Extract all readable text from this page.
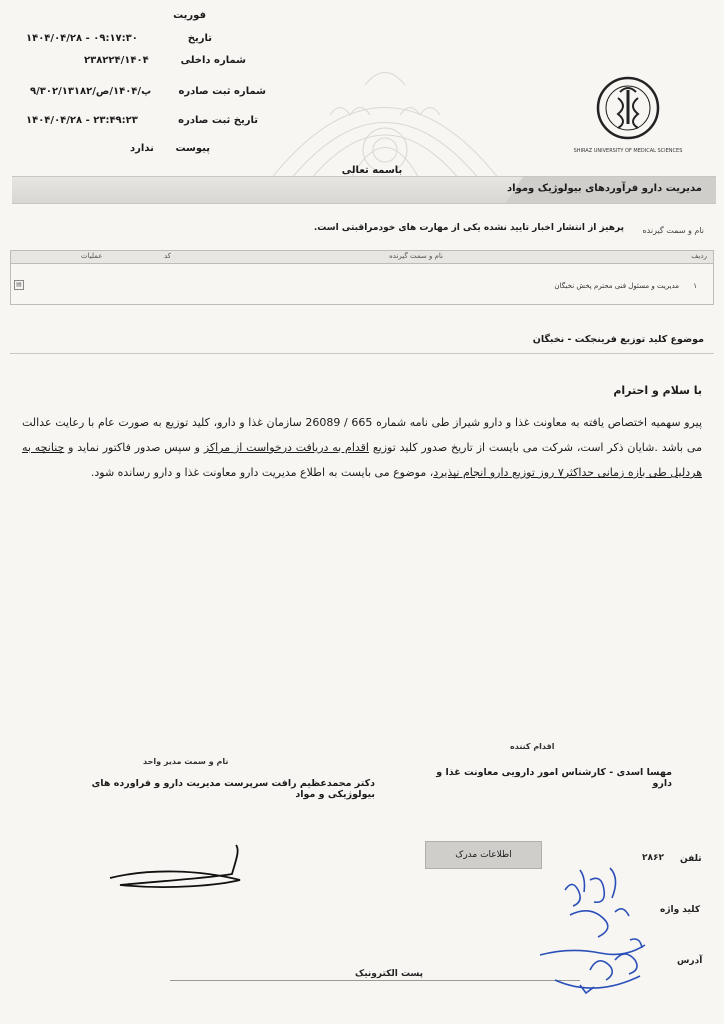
فوریت
تاریخ
۱۴۰۴/۰۴/۲۸ - ۰۹:۱۷:۳۰
شماره داخلی
۲۳۸۲۲۴/۱۴۰۴
شماره ثبت صادره
۹/۳۰۲/۱۳۱۸۲/پ/۱۴۰۴/ص
تاریخ ثبت صادره
۱۴۰۴/۰۴/۲۸ - ۲۳:۴۹:۲۳
پیوست
ندارد	SHIRAZ UNIVERSITY OF MEDICAL SCIENCES
باسمه تعالی
مدیریت دارو فرآوردهای بیولوژیک ومواد
نام و سمت گیرنده
پرهیز از انتشار اخبار تایید نشده یکی از مهارت های خودمراقبتی است.
ردیف
نام و سمت گیرنده
کد
عملیات
۱
مدیریت و مسئول فنی محترم پخش نخبگان
▤
موضوع کلید توزیع فرینجکت - نخبگان
با سلام و احترام
پیرو سهمیه اختصاص یافته به معاونت غذا و دارو شیراز طی نامه شماره 26089 / 665 سازمان غذا و دارو، کلید توزیع به صورت عام با رعایت عدالت می باشد .شایان ذکر است، شرکت می بایست از تاریخ صدور کلید توزیع اقدام به دریافت درخواست از مراکز و سپس صدور فاکتور نماید و چنانچه به هردلیل طی بازه زمانی حداکثر۷ روز توزیع دارو انجام نپذیرد، موضوع می بایست به اطلاع مدیریت دارو معاونت غذا و دارو رسانده شود.
نام و سمت مدیر واحد
دکتر محمدعظیم رافت سرپرست مدیریت دارو و فراورده های بیولوژیکی و مواد
اقدام کننده
مهسا اسدی - کارشناس امور دارویی معاونت غذا و دارو
اطلاعات مدرک	تلفن
۲۸۶۲
کلید واژه
آدرس
پست الکترونیک
